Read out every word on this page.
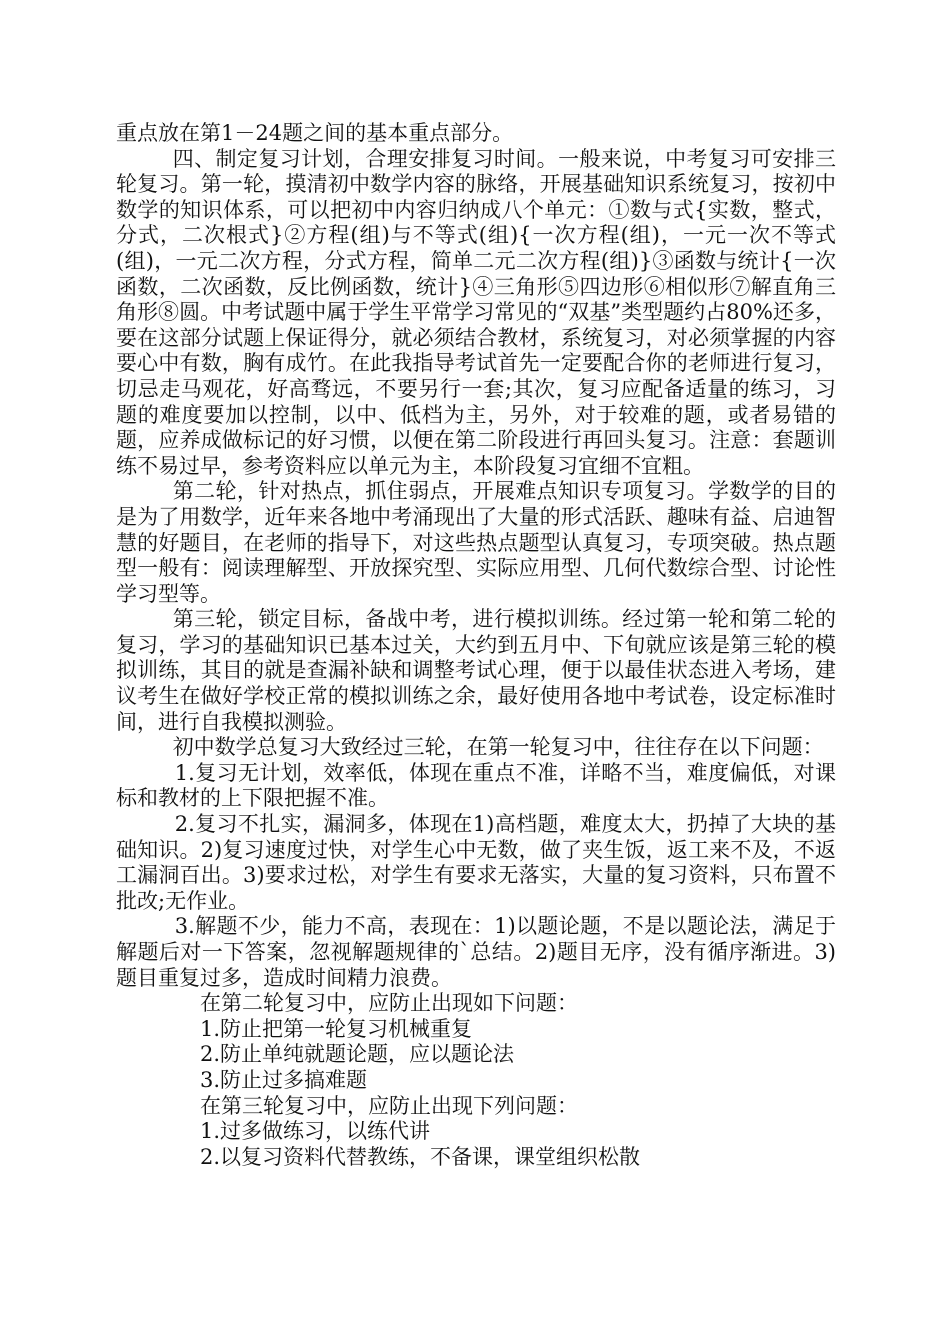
重点放在第1－24题之间的基本重点部分。

四、制定复习计划，合理安排复习时间。一般来说，中考复习可安排三轮复习。第一轮，摸清初中数学内容的脉络，开展基础知识系统复习，按初中数学的知识体系，可以把初中内容归纳成八个单元：①数与式{实数，整式，分式，二次根式}②方程(组)与不等式(组){一次方程(组)，一元一次不等式(组)，一元二次方程，分式方程，简单二元二次方程(组)}③函数与统计{一次函数，二次函数，反比例函数，统计}④三角形⑤四边形⑥相似形⑦解直角三角形⑧圆。中考试题中属于学生平常学习常见的“双基”类型题约占80%还多，要在这部分试题上保证得分，就必须结合教材，系统复习，对必须掌握的内容要心中有数，胸有成竹。在此我指导考试首先一定要配合你的老师进行复习，切忌走马观花，好高骛远，不要另行一套;其次，复习应配备适量的练习，习题的难度要加以控制，以中、低档为主，另外，对于较难的题，或者易错的题，应养成做标记的好习惯，以便在第二阶段进行再回头复习。注意：套题训练不易过早，参考资料应以单元为主，本阶段复习宜细不宜粗。

第二轮，针对热点，抓住弱点，开展难点知识专项复习。学数学的目的是为了用数学，近年来各地中考涌现出了大量的形式活跃、趣味有益、启迪智慧的好题目，在老师的指导下，对这些热点题型认真复习，专项突破。热点题型一般有：阅读理解型、开放探究型、实际应用型、几何代数综合型、讨论性学习型等。

第三轮，锁定目标，备战中考，进行模拟训练。经过第一轮和第二轮的复习，学习的基础知识已基本过关，大约到五月中、下旬就应该是第三轮的模拟训练，其目的就是查漏补缺和调整考试心理，便于以最佳状态进入考场，建议考生在做好学校正常的模拟训练之余，最好使用各地中考试卷，设定标准时间，进行自我模拟测验。

初中数学总复习大致经过三轮，在第一轮复习中，往往存在以下问题：

1.复习无计划，效率低，体现在重点不准，详略不当，难度偏低，对课标和教材的上下限把握不准。

2.复习不扎实，漏洞多，体现在1)高档题，难度太大，扔掉了大块的基础知识。2)复习速度过快，对学生心中无数，做了夹生饭，返工来不及，不返工漏洞百出。3)要求过松，对学生有要求无落实，大量的复习资料，只布置不批改;无作业。

3.解题不少，能力不高，表现在：1)以题论题，不是以题论法，满足于解题后对一下答案，忽视解题规律的`总结。2)题目无序，没有循序渐进。3)题目重复过多，造成时间精力浪费。

在第二轮复习中，应防止出现如下问题：

1.防止把第一轮复习机械重复

2.防止单纯就题论题，应以题论法

3.防止过多搞难题

在第三轮复习中，应防止出现下列问题：

1.过多做练习，以练代讲

2.以复习资料代替教练，不备课，课堂组织松散
